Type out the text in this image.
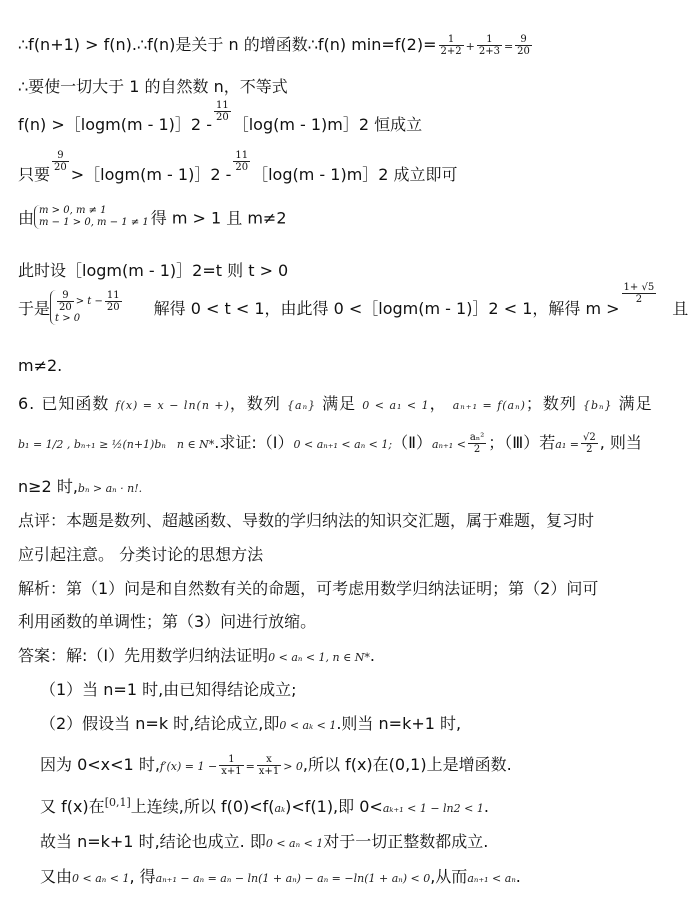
∴f(n+1) > f(n).∴f(n)是关于 n 的增函数∴f(n) $\min=f(2)= \frac{1}{2+2} + \frac{1}{2+3} = \frac{9}{20}$
∴要使一切大于 1 的自然数 n，不等式
f(n) >［logm(m - 1)］2 -
$\frac{11}{20}$
［log(m - 1)m］2 恒成立
只要
$\frac{9}{20}$
>［logm(m - 1)］2 -
$\frac{11}{20}$
［log(m - 1)m］2 成立即可
由 m > 0, m ≠ 1
m − 1 > 0, m − 1 ≠ 1 得 m > 1 且 m≠2
此时设［logm(m - 1)］2=t 则 t > 0
于是 $\frac{9}{20} > t - \frac{11}{20}$
t > 0
解得 0 < t < 1，由此得 0 <［logm(m - 1)］2 < 1，解得 m >
$\frac{1+ √5}{2}$
且
m≠2.
6. 已知函数 f(x) = x − ln(n +)，数列 {aₙ} 满足 0 < a₁ < 1， aₙ₊₁ = f(aₙ)；数列 {bₙ} 满足
b₁ = 1/2 , bₙ₊₁ ≥ ½(n+1)bₙ n ∈ N*.求证:（Ⅰ）0 < aₙ₊₁ < aₙ < 1;（Ⅱ）aₙ₊₁ < $\frac{\text{aₙ²}}{2}$ ；（Ⅲ）若$a_1 = \frac{√2}{2}$ , 则当
n≥2 时,bₙ > aₙ · n!.
点评：本题是数列、超越函数、导数的学归纳法的知识交汇题，属于难题，复习时
应引起注意。 分类讨论的思想方法
解析：第（1）问是和自然数有关的命题，可考虑用数学归纳法证明；第（2）问可
利用函数的单调性；第（3）问进行放缩。
答案：解:（Ⅰ）先用数学归纳法证明0 < aₙ < 1, n ∈ N*.
（1）当 n=1 时,由已知得结论成立;
（2）假设当 n=k 时,结论成立,即0 < aₖ < 1.则当 n=k+1 时,
因为 0<x<1 时$,f'(x) = 1 - \frac{1}{x+1} = \frac{x}{x+1} > 0$,所以 f(x)在(0,1)上是增函数.
又 f(x)在[0,1]上连续,所以 f(0)<f(aₖ)<f(1),即 0<aₖ₊₁ < 1 − ln2 < 1.
故当 n=k+1 时,结论也成立. 即0 < aₙ < 1对于一切正整数都成立.
又由0 < aₙ < 1, 得aₙ₊₁ − aₙ = aₙ − ln(1 + aₙ) − aₙ = −ln(1 + aₙ) < 0,从而aₙ₊₁ < aₙ.
